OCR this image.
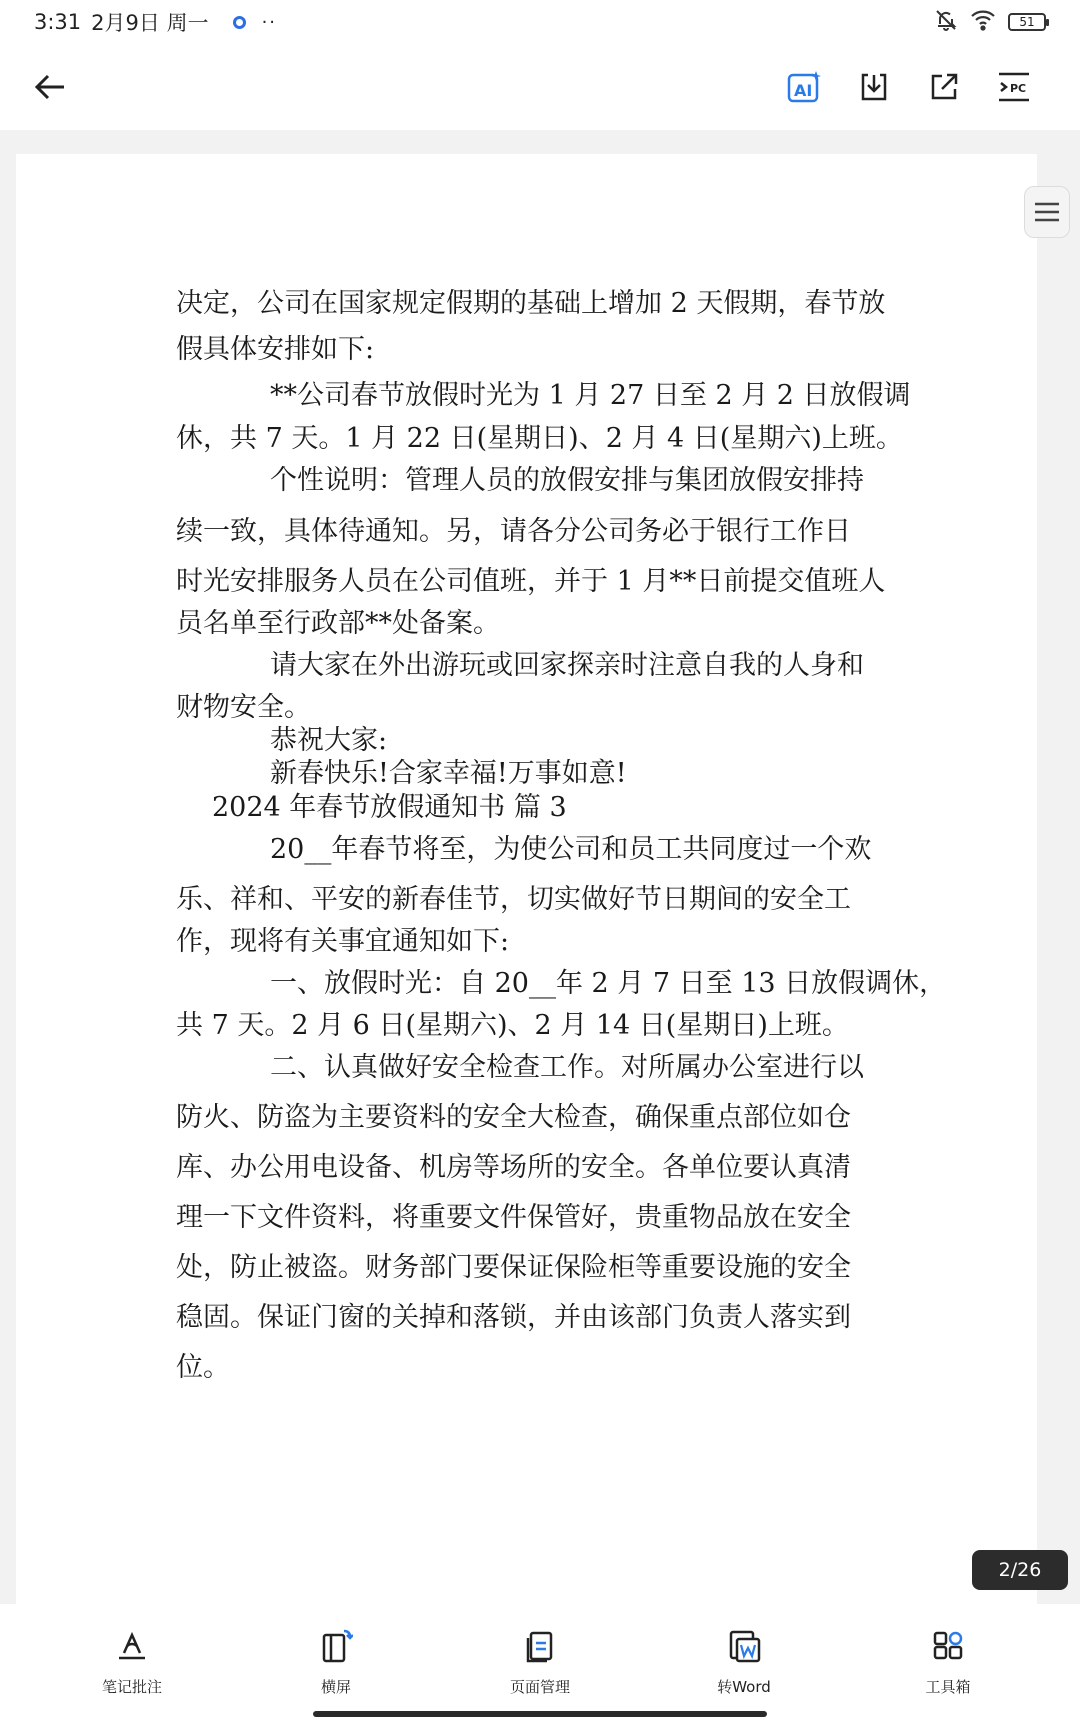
3:31 2月9日 周一	··	51
AI	PC
决定，公司在国家规定假期的基础上增加 2 天假期，春节放
假具体安排如下:
**公司春节放假时光为 1 月 27 日至 2 月 2 日放假调
休，共 7 天。1 月 22 日(星期日)、2 月 4 日(星期六)上班。
个性说明：管理人员的放假安排与集团放假安排持
续一致，具体待通知。另，请各分公司务必于银行工作日
时光安排服务人员在公司值班，并于 1 月**日前提交值班人
员名单至行政部**处备案。
请大家在外出游玩或回家探亲时注意自我的人身和
财物安全。
恭祝大家:
新春快乐!合家幸福!万事如意!
2024 年春节放假通知书 篇 3
20__年春节将至，为使公司和员工共同度过一个欢
乐、祥和、平安的新春佳节，切实做好节日期间的安全工
作，现将有关事宜通知如下:
一、放假时光：自 20__年 2 月 7 日至 13 日放假调休，
共 7 天。2 月 6 日(星期六)、2 月 14 日(星期日)上班。
二、认真做好安全检查工作。对所属办公室进行以
防火、防盗为主要资料的安全大检查，确保重点部位如仓
库、办公用电设备、机房等场所的安全。各单位要认真清
理一下文件资料，将重要文件保管好，贵重物品放在安全
处，防止被盗。财务部门要保证保险柜等重要设施的安全
稳固。保证门窗的关掉和落锁，并由该部门负责人落实到
位。
2/26
笔记批注	横屏	页面管理	转Word	工具箱
